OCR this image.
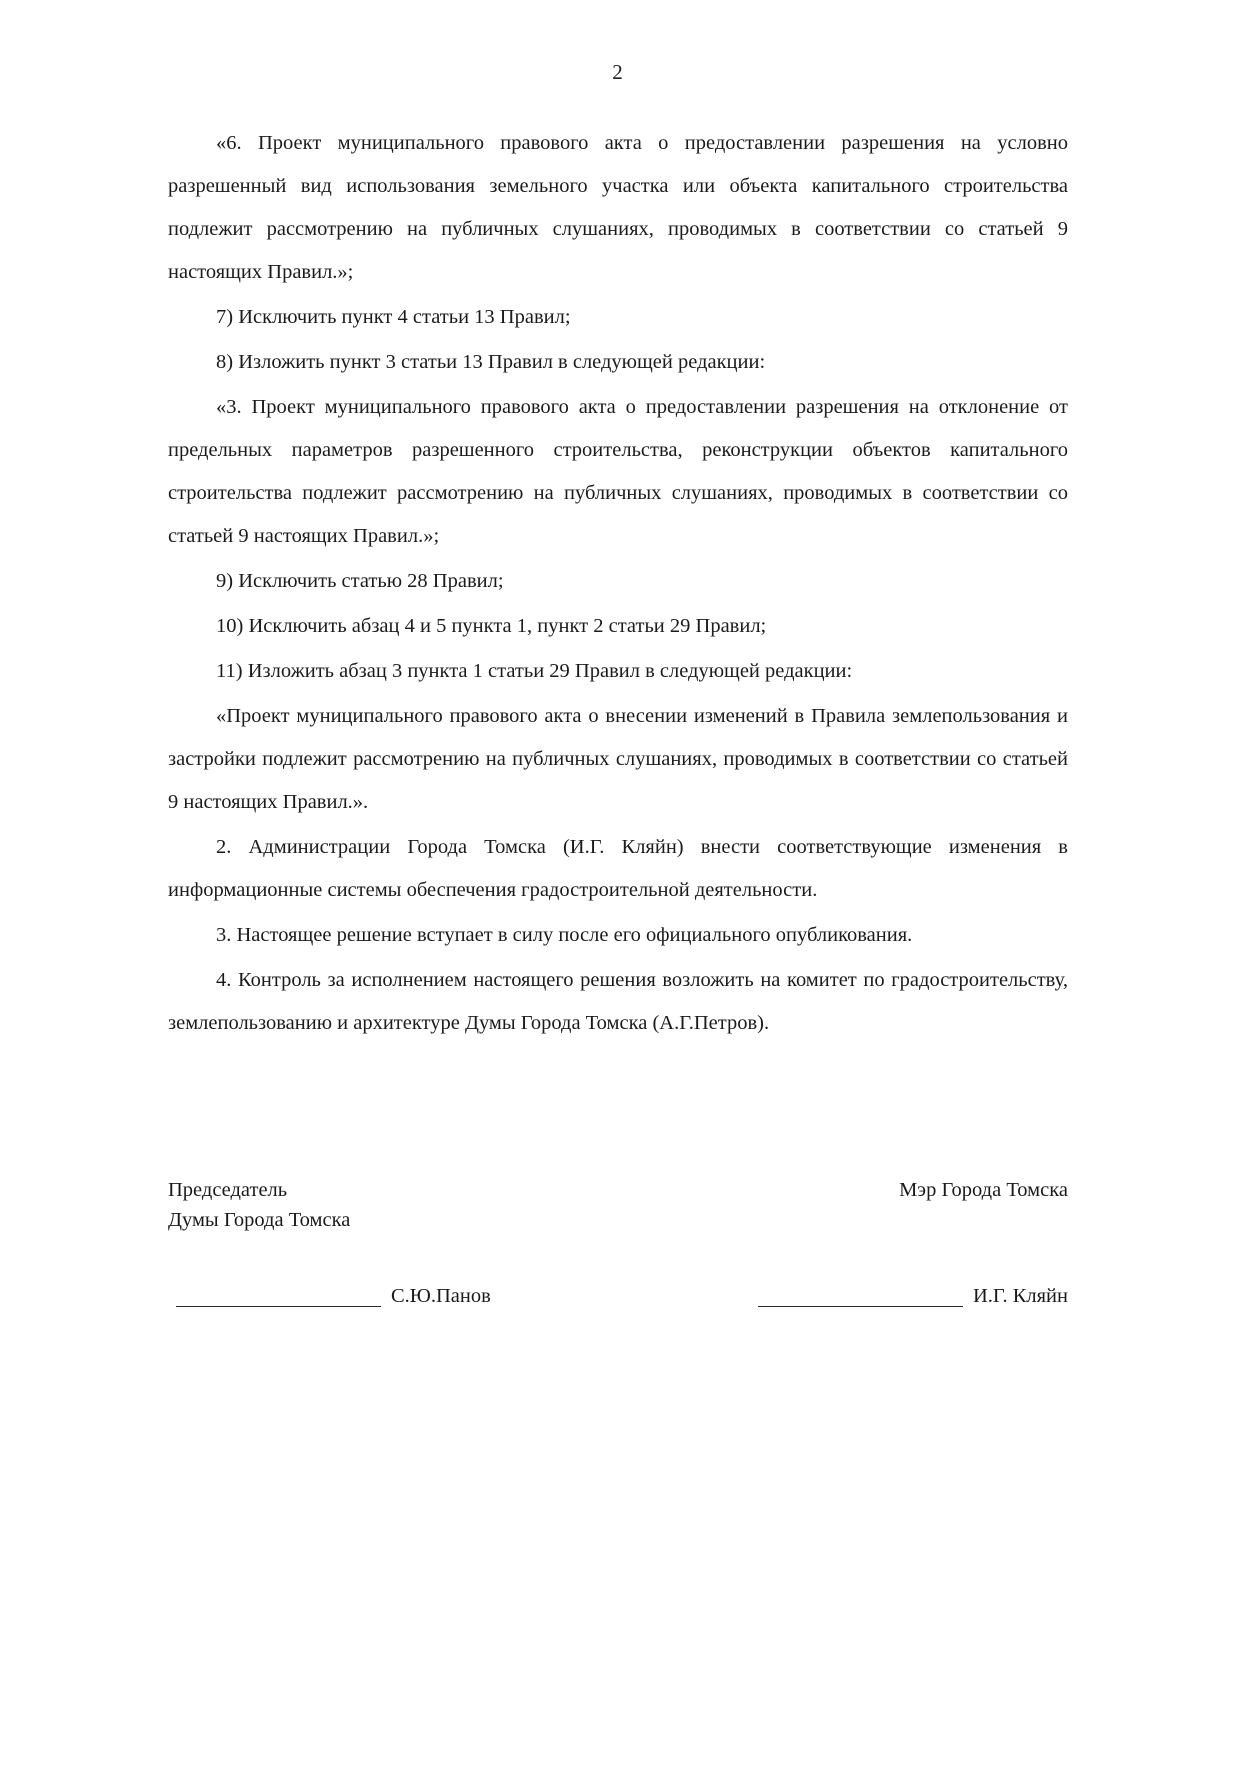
2

«6. Проект муниципального правового акта о предоставлении разрешения на условно разрешенный вид использования земельного участка или объекта капитального строительства подлежит рассмотрению на публичных слушаниях, проводимых в соответствии со статьей 9 настоящих Правил.»;

7) Исключить пункт 4 статьи 13 Правил;

8) Изложить пункт 3 статьи 13 Правил в следующей редакции:

«3. Проект муниципального правового акта о предоставлении разрешения на отклонение от предельных параметров разрешенного строительства, реконструкции объектов капитального строительства подлежит рассмотрению на публичных слушаниях, проводимых в соответствии со статьей 9 настоящих Правил.»;

9) Исключить статью 28 Правил;

10) Исключить абзац 4 и 5 пункта 1, пункт 2 статьи 29 Правил;

11) Изложить абзац 3 пункта 1 статьи 29 Правил в следующей редакции:

«Проект муниципального правового акта о внесении изменений в Правила землепользования и застройки подлежит рассмотрению на публичных слушаниях, проводимых в соответствии со статьей 9 настоящих Правил.».

2. Администрации Города Томска (И.Г. Кляйн) внести соответствующие изменения в информационные системы обеспечения градостроительной деятельности.

3. Настоящее решение вступает в силу после его официального опубликования.

4. Контроль за исполнением настоящего решения возложить на комитет по градостроительству, землепользованию и архитектуре Думы Города Томска (А.Г.Петров).

Председатель	Мэр Города Томска
Думы Города Томска
С.Ю.Панов	И.Г. Кляйн
